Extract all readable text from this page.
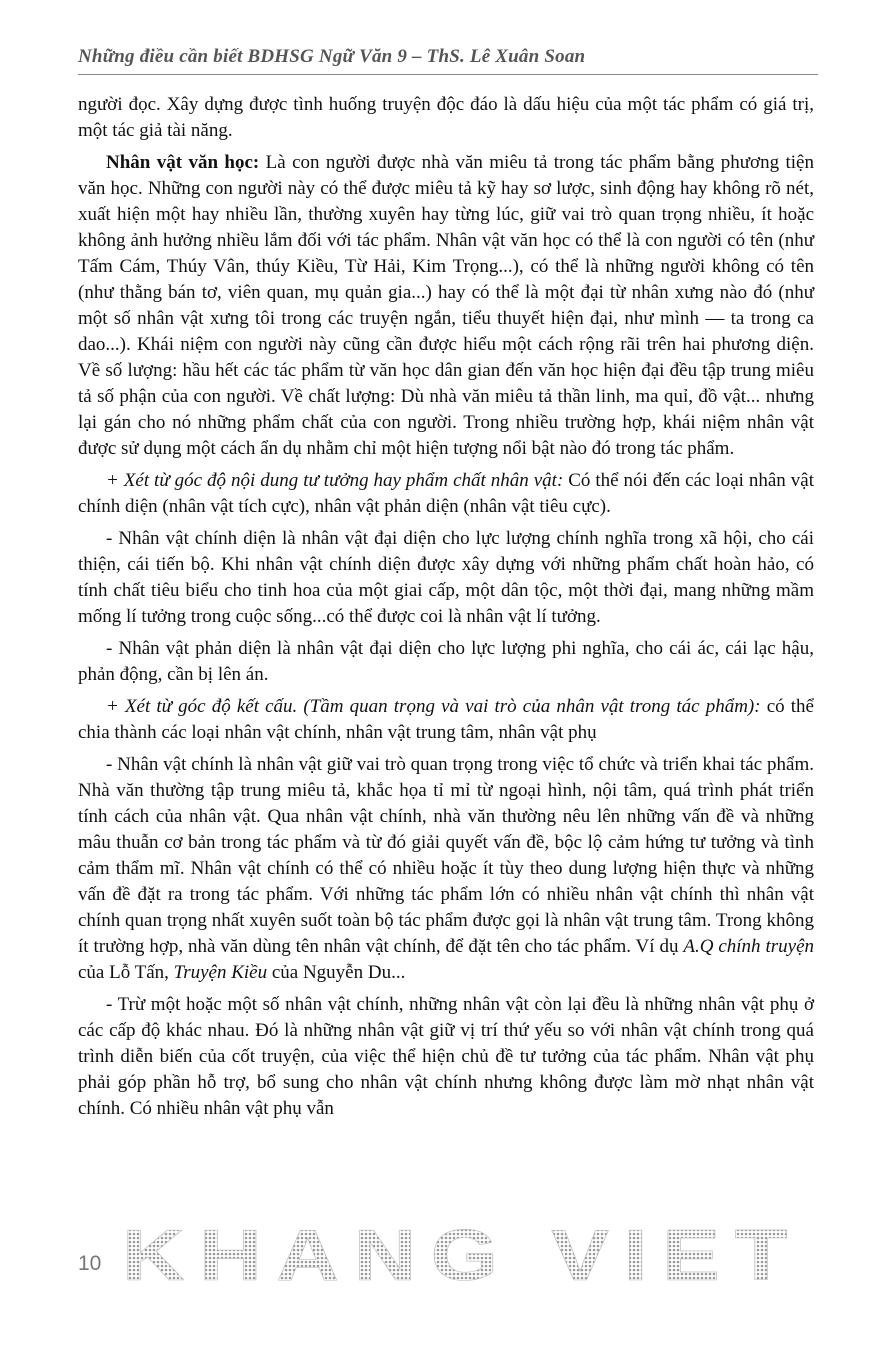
Những điều cần biết BDHSG Ngữ Văn 9 – ThS. Lê Xuân Soan

người đọc. Xây dựng được tình huống truyện độc đáo là dấu hiệu của một tác phẩm có giá trị, một tác giả tài năng.

Nhân vật văn học: Là con người được nhà văn miêu tả trong tác phẩm bằng phương tiện văn học. Những con người này có thể được miêu tả kỹ hay sơ lược, sinh động hay không rõ nét, xuất hiện một hay nhiều lần, thường xuyên hay từng lúc, giữ vai trò quan trọng nhiều, ít hoặc không ảnh hưởng nhiều lắm đối với tác phẩm. Nhân vật văn học có thể là con người có tên (như Tấm Cám, Thúy Vân, thúy Kiều, Từ Hải, Kim Trọng...), có thể là những người không có tên (như thằng bán tơ, viên quan, mụ quản gia...) hay có thể là một đại từ nhân xưng nào đó (như một số nhân vật xưng tôi trong các truyện ngắn, tiểu thuyết hiện đại, như mình — ta trong ca dao...). Khái niệm con người này cũng cần được hiểu một cách rộng rãi trên hai phương diện. Về số lượng: hầu hết các tác phẩm từ văn học dân gian đến văn học hiện đại đều tập trung miêu tả số phận của con người. Về chất lượng: Dù nhà văn miêu tả thần linh, ma quỉ, đồ vật... nhưng lại gán cho nó những phẩm chất của con người. Trong nhiều trường hợp, khái niệm nhân vật được sử dụng một cách ẩn dụ nhằm chỉ một hiện tượng nổi bật nào đó trong tác phẩm.

+ Xét từ góc độ nội dung tư tưởng hay phẩm chất nhân vật: Có thể nói đến các loại nhân vật chính diện (nhân vật tích cực), nhân vật phản diện (nhân vật tiêu cực).

- Nhân vật chính diện là nhân vật đại diện cho lực lượng chính nghĩa trong xã hội, cho cái thiện, cái tiến bộ. Khi nhân vật chính diện được xây dựng với những phẩm chất hoàn hảo, có tính chất tiêu biểu cho tinh hoa của một giai cấp, một dân tộc, một thời đại, mang những mầm mống lí tưởng trong cuộc sống...có thể được coi là nhân vật lí tưởng.

- Nhân vật phản diện là nhân vật đại diện cho lực lượng phi nghĩa, cho cái ác, cái lạc hậu, phản động, cần bị lên án.

+ Xét từ góc độ kết cấu. (Tầm quan trọng và vai trò của nhân vật trong tác phẩm): có thể chia thành các loại nhân vật chính, nhân vật trung tâm, nhân vật phụ

- Nhân vật chính là nhân vật giữ vai trò quan trọng trong việc tổ chức và triển khai tác phẩm. Nhà văn thường tập trung miêu tả, khắc họa tỉ mỉ từ ngoại hình, nội tâm, quá trình phát triển tính cách của nhân vật. Qua nhân vật chính, nhà văn thường nêu lên những vấn đề và những mâu thuẫn cơ bản trong tác phẩm và từ đó giải quyết vấn đề, bộc lộ cảm hứng tư tưởng và tình cảm thẩm mĩ. Nhân vật chính có thể có nhiều hoặc ít tùy theo dung lượng hiện thực và những vấn đề đặt ra trong tác phẩm. Với những tác phẩm lớn có nhiều nhân vật chính thì nhân vật chính quan trọng nhất xuyên suốt toàn bộ tác phẩm được gọi là nhân vật trung tâm. Trong không ít trường hợp, nhà văn dùng tên nhân vật chính, để đặt tên cho tác phẩm. Ví dụ A.Q chính truyện của Lỗ Tấn, Truyện Kiều của Nguyễn Du...

- Trừ một hoặc một số nhân vật chính, những nhân vật còn lại đều là những nhân vật phụ ở các cấp độ khác nhau. Đó là những nhân vật giữ vị trí thứ yếu so với nhân vật chính trong quá trình diễn biến của cốt truyện, của việc thể hiện chủ đề tư tưởng của tác phẩm. Nhân vật phụ phải góp phần hỗ trợ, bổ sung cho nhân vật chính nhưng không được làm mờ nhạt nhân vật chính. Có nhiều nhân vật phụ vẫn

10 KHANG VIET
